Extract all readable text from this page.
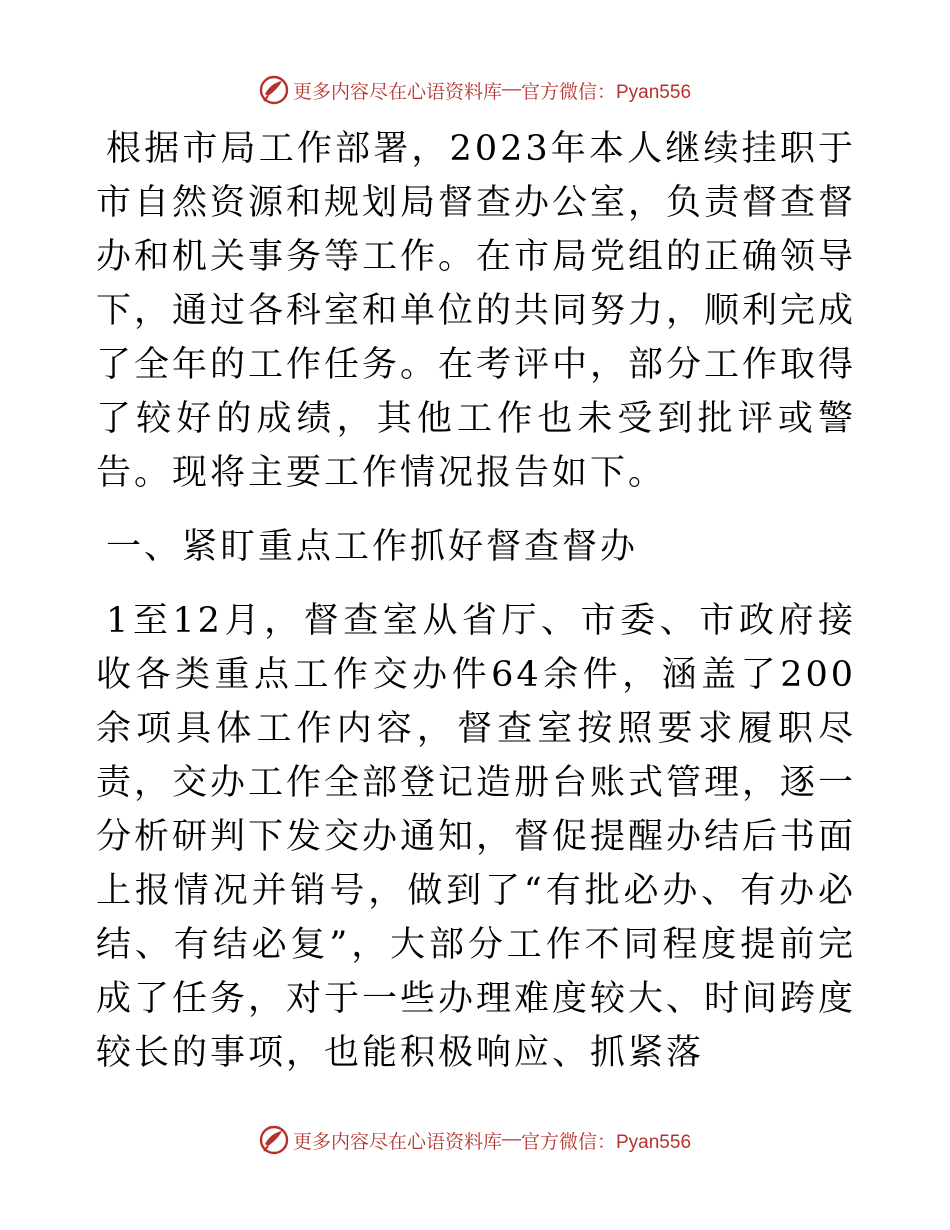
更多内容尽在心语资料库 — 官方微信：Pyan556

根据市局工作部署，2023年本人继续挂职于市自然资源和规划局督查办公室，负责督查督办和机关事务等工作。在市局党组的正确领导下，通过各科室和单位的共同努力，顺利完成了全年的工作任务。在考评中，部分工作取得了较好的成绩，其他工作也未受到批评或警告。现将主要工作情况报告如下。

一、紧盯重点工作抓好督查督办

1至12月，督查室从省厅、市委、市政府接收各类重点工作交办件64余件，涵盖了200余项具体工作内容，督查室按照要求履职尽责，交办工作全部登记造册台账式管理，逐一分析研判下发交办通知，督促提醒办结后书面上报情况并销号，做到了“有批必办、有办必结、有结必复”，大部分工作不同程度提前完成了任务，对于一些办理难度较大、时间跨度较长的事项，也能积极响应、抓紧落

更多内容尽在心语资料库 — 官方微信：Pyan556
